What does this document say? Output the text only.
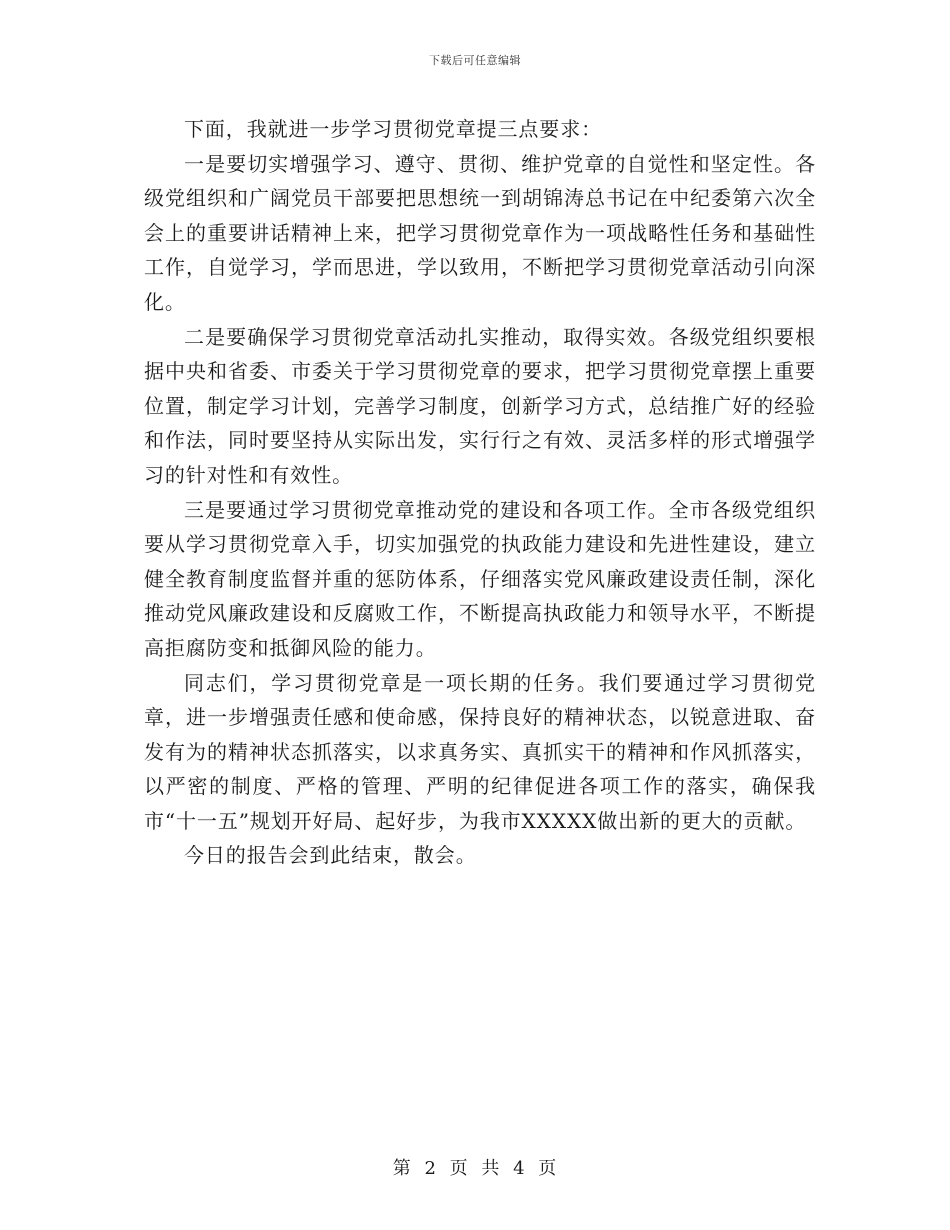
下载后可任意编辑

下面，我就进一步学习贯彻党章提三点要求：

一是要切实增强学习、遵守、贯彻、维护党章的自觉性和坚定性。各级党组织和广阔党员干部要把思想统一到胡锦涛总书记在中纪委第六次全会上的重要讲话精神上来，把学习贯彻党章作为一项战略性任务和基础性工作，自觉学习，学而思进，学以致用，不断把学习贯彻党章活动引向深化。

二是要确保学习贯彻党章活动扎实推动，取得实效。各级党组织要根据中央和省委、市委关于学习贯彻党章的要求，把学习贯彻党章摆上重要位置，制定学习计划，完善学习制度，创新学习方式，总结推广好的经验和作法，同时要坚持从实际出发，实行行之有效、灵活多样的形式增强学习的针对性和有效性。

三是要通过学习贯彻党章推动党的建设和各项工作。全市各级党组织要从学习贯彻党章入手，切实加强党的执政能力建设和先进性建设，建立健全教育制度监督并重的惩防体系，仔细落实党风廉政建设责任制，深化推动党风廉政建设和反腐败工作，不断提高执政能力和领导水平，不断提高拒腐防变和抵御风险的能力。

同志们，学习贯彻党章是一项长期的任务。我们要通过学习贯彻党章，进一步增强责任感和使命感，保持良好的精神状态，以锐意进取、奋发有为的精神状态抓落实，以求真务实、真抓实干的精神和作风抓落实，以严密的制度、严格的管理、严明的纪律促进各项工作的落实，确保我市“十一五”规划开好局、起好步，为我市XXXXX做出新的更大的贡献。

今日的报告会到此结束，散会。

第 2 页 共 4 页
